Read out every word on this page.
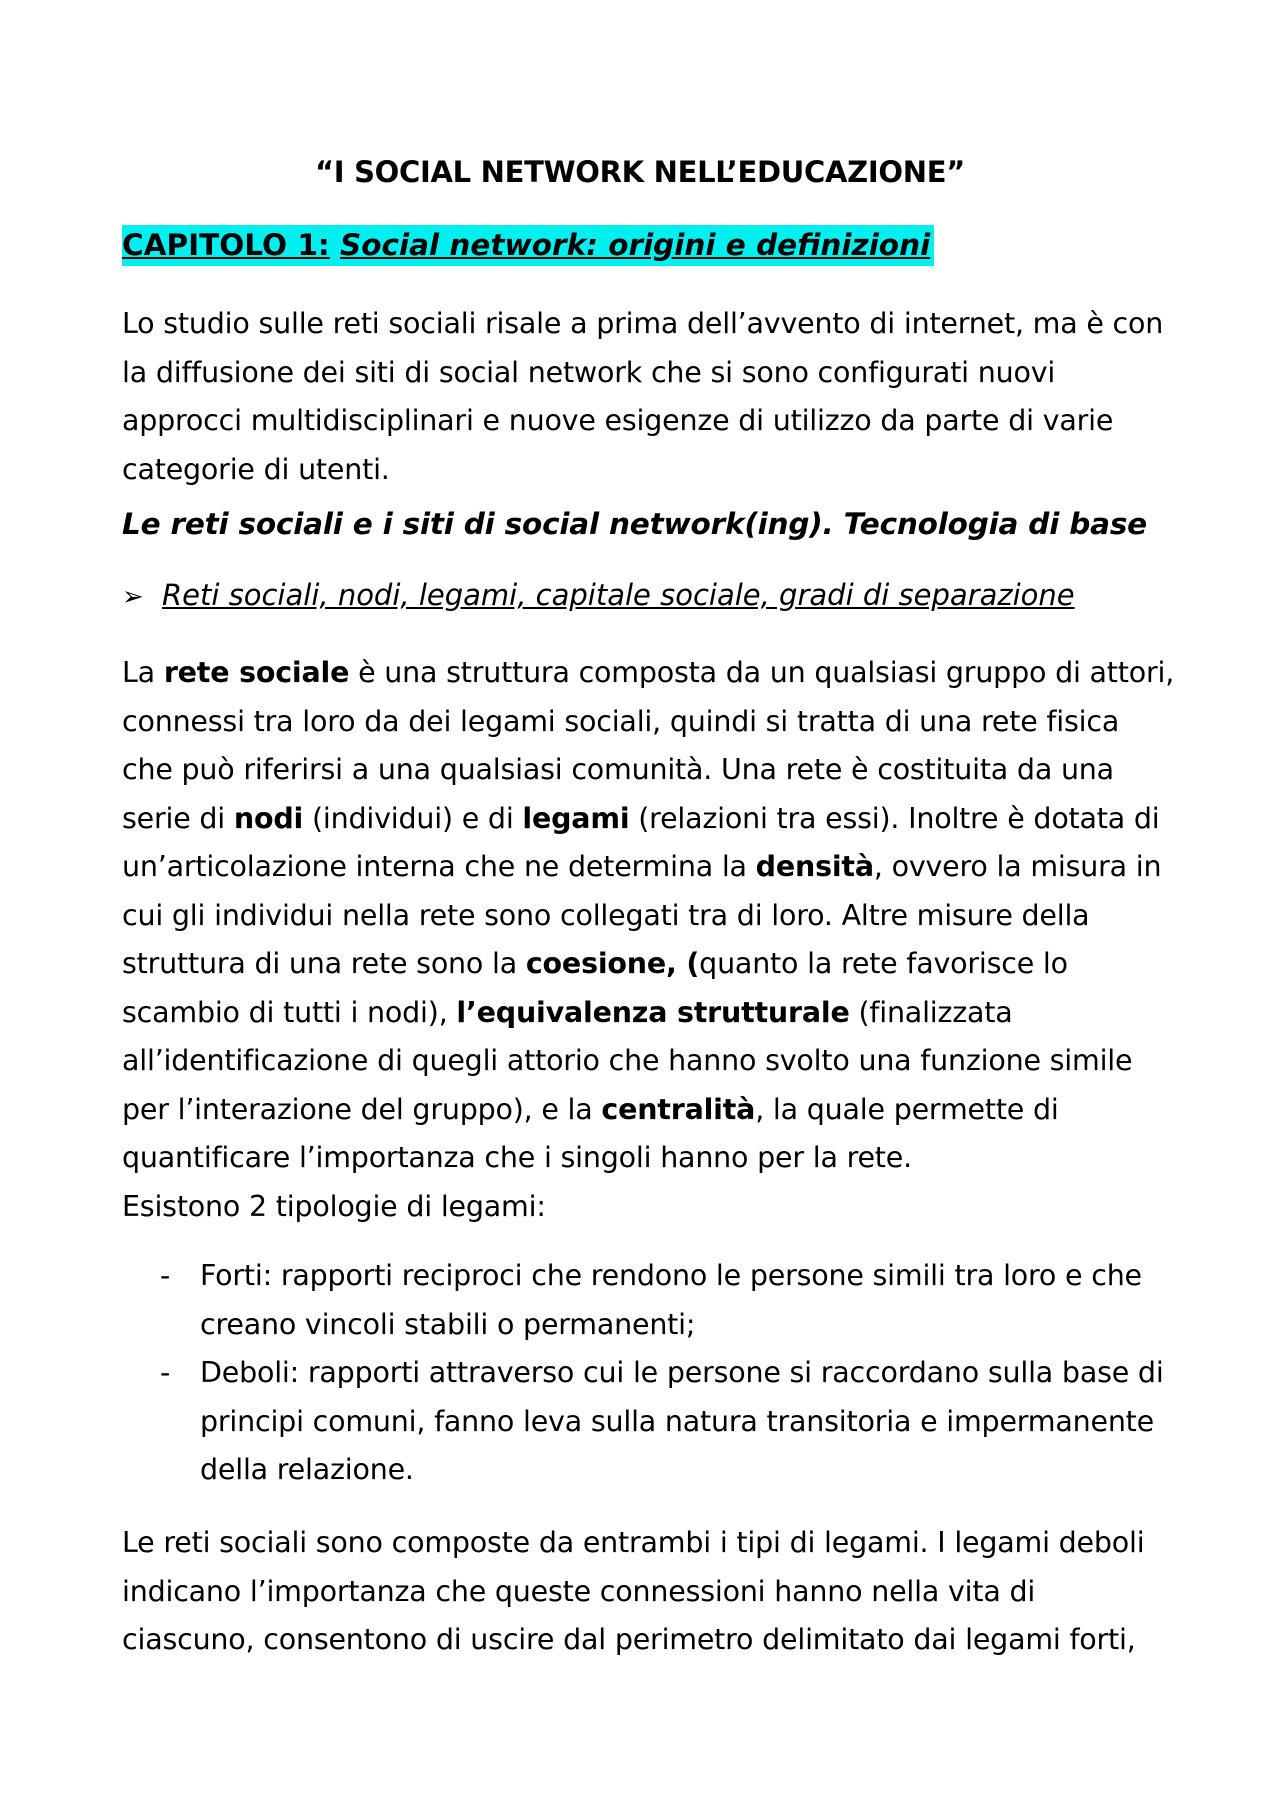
“I SOCIAL NETWORK NELL’EDUCAZIONE”
CAPITOLO 1: Social network: origini e definizioni
Lo studio sulle reti sociali risale a prima dell’avvento di internet, ma è con
la diffusione dei siti di social network che si sono configurati nuovi
approcci multidisciplinari e nuove esigenze di utilizzo da parte di varie
categorie di utenti.
Le reti sociali e i siti di social network(ing). Tecnologia di base
➢ Reti sociali, nodi, legami, capitale sociale, gradi di separazione
La rete sociale è una struttura composta da un qualsiasi gruppo di attori,
connessi tra loro da dei legami sociali, quindi si tratta di una rete fisica
che può riferirsi a una qualsiasi comunità. Una rete è costituita da una
serie di nodi (individui) e di legami (relazioni tra essi). Inoltre è dotata di
un’articolazione interna che ne determina la densità, ovvero la misura in
cui gli individui nella rete sono collegati tra di loro. Altre misure della
struttura di una rete sono la coesione, (quanto la rete favorisce lo
scambio di tutti i nodi), l’equivalenza strutturale (finalizzata
all’identificazione di quegli attorio che hanno svolto una funzione simile
per l’interazione del gruppo), e la centralità, la quale permette di
quantificare l’importanza che i singoli hanno per la rete.
Esistono 2 tipologie di legami:
- Forti: rapporti reciproci che rendono le persone simili tra loro e che
creano vincoli stabili o permanenti;
- Deboli: rapporti attraverso cui le persone si raccordano sulla base di
principi comuni, fanno leva sulla natura transitoria e impermanente
della relazione.
Le reti sociali sono composte da entrambi i tipi di legami. I legami deboli
indicano l’importanza che queste connessioni hanno nella vita di
ciascuno, consentono di uscire dal perimetro delimitato dai legami forti,
